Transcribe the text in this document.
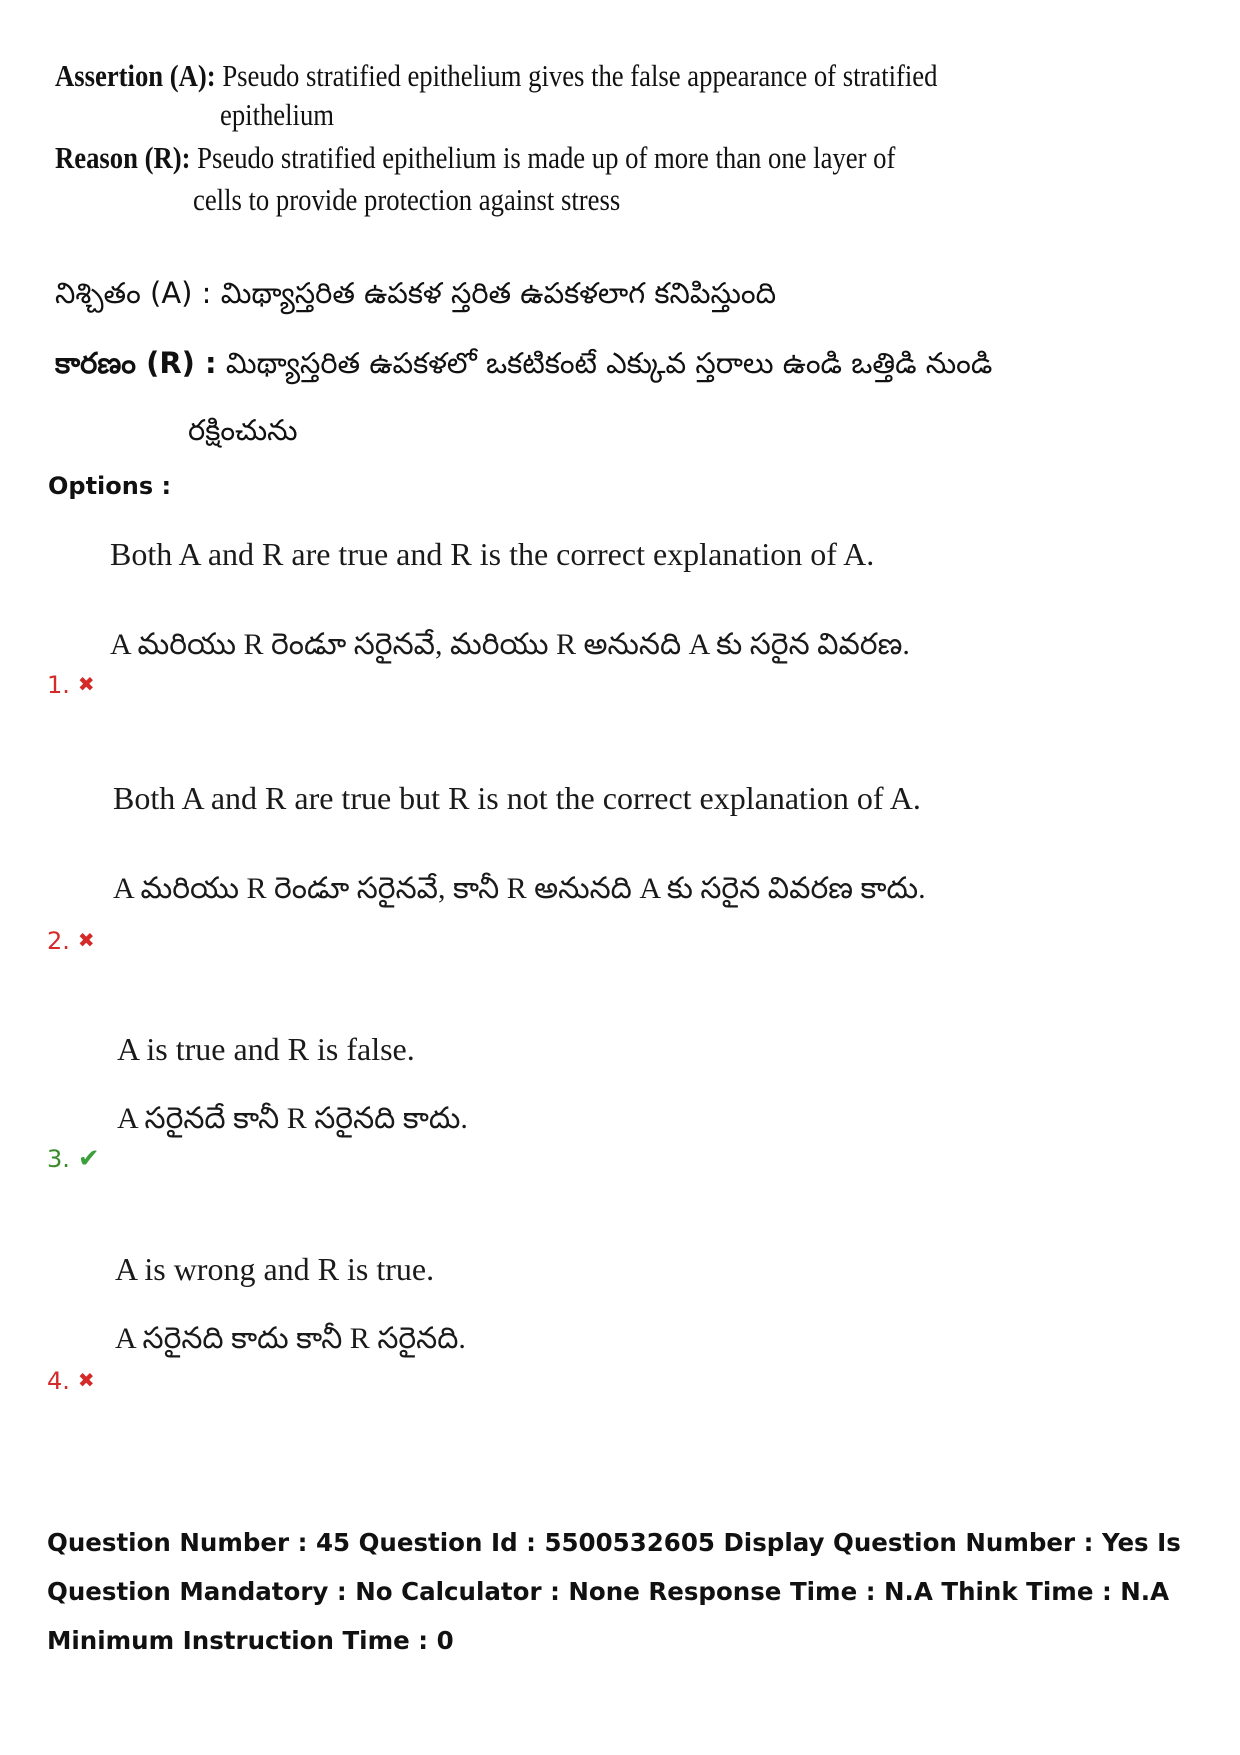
Assertion (A): Pseudo stratified epithelium gives the false appearance of stratified
epithelium
Reason (R): Pseudo stratified epithelium is made up of more than one layer of
cells to provide protection against stress
నిశ్చితం (A) : మిథ్యాస్తరిత ఉపకళ స్తరిత ఉపకళలాగ కనిపిస్తుంది
కారణం (R) : మిథ్యాస్తరిత ఉపకళలో ఒకటికంటే ఎక్కువ స్తరాలు ఉండి ఒత్తిడి నుండి
రక్షించును
Options :
Both A and R are true and R is the correct explanation of A.
A మరియు R రెండూ సరైనవే, మరియు R అనునది A కు సరైన వివరణ.
1. ✖
Both A and R are true but R is not the correct explanation of A.
A మరియు R రెండూ సరైనవే, కానీ R అనునది A కు సరైన వివరణ కాదు.
2. ✖
A is true and R is false.
A సరైనదే కానీ R సరైనది కాదు.
3. ✔
A is wrong and R is true.
A సరైనది కాదు కానీ R సరైనది.
4. ✖
Question Number : 45 Question Id : 5500532605 Display Question Number : Yes Is Question Mandatory : No Calculator : None Response Time : N.A Think Time : N.A Minimum Instruction Time : 0
